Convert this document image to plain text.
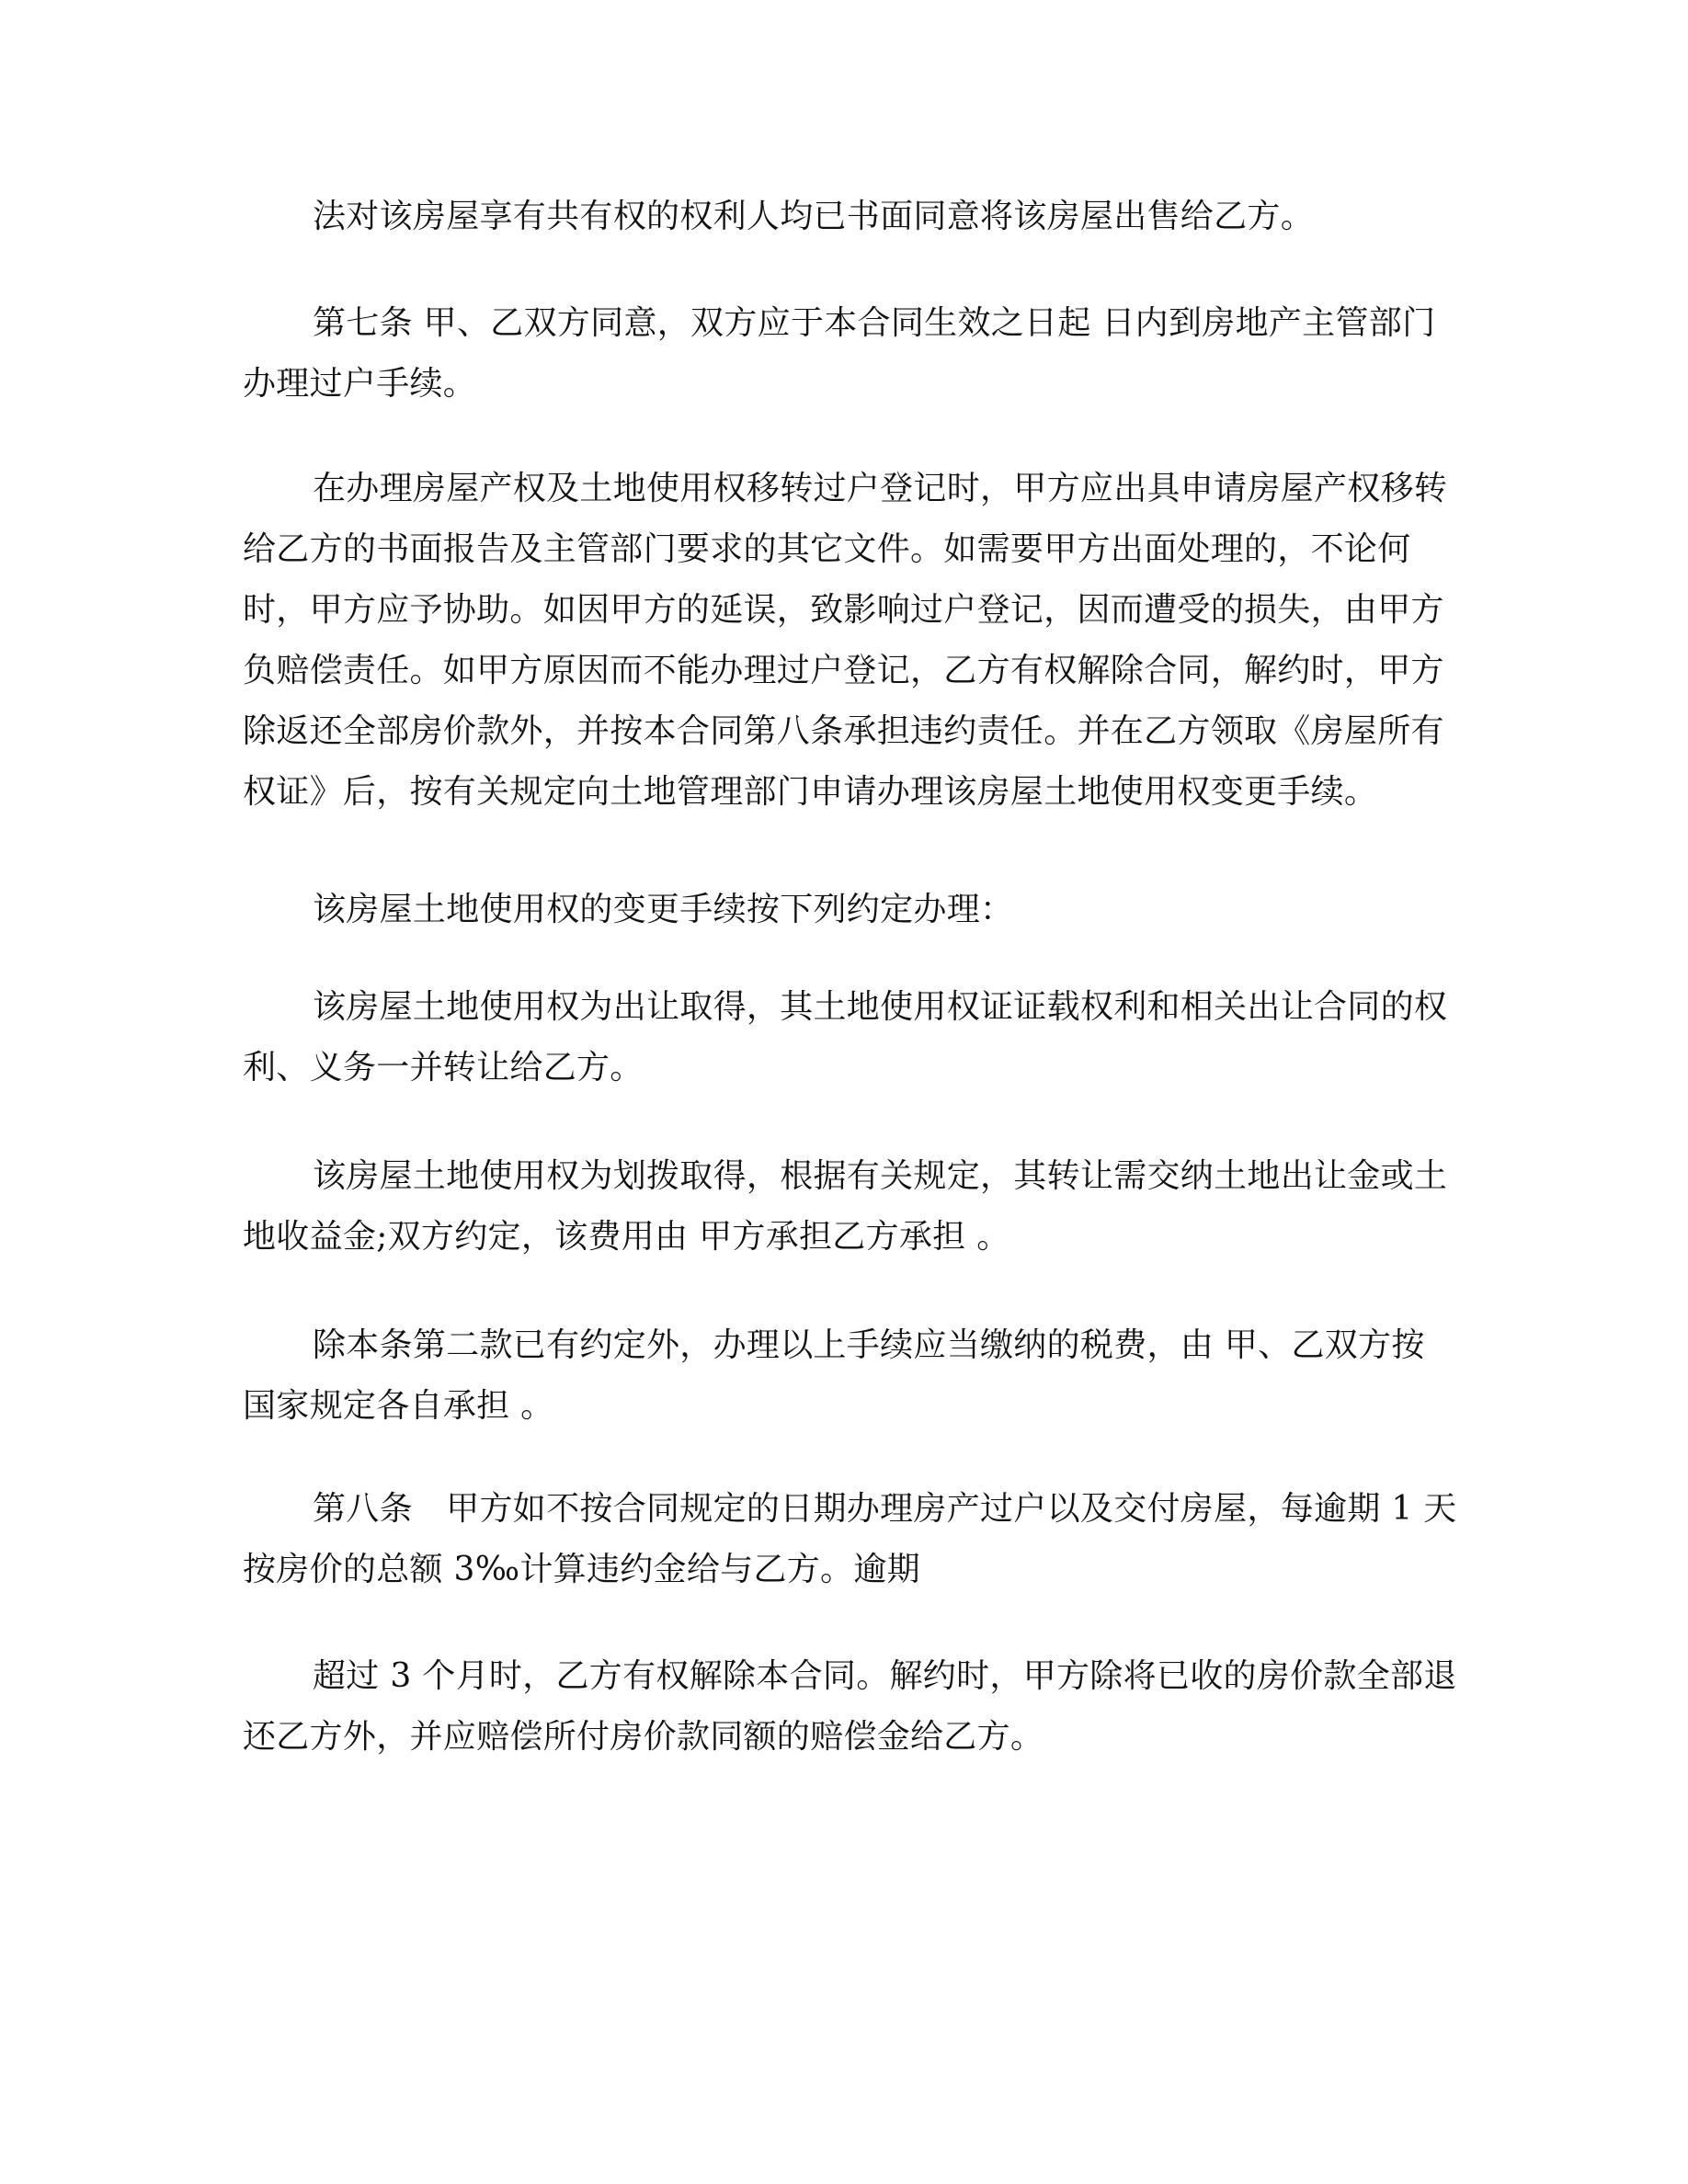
法对该房屋享有共有权的权利人均已书面同意将该房屋出售给乙方。
第七条 甲、乙双方同意，双方应于本合同生效之日起 日内到房地产主管部门
办理过户手续。
在办理房屋产权及土地使用权移转过户登记时，甲方应出具申请房屋产权移转
给乙方的书面报告及主管部门要求的其它文件。如需要甲方出面处理的，不论何
时，甲方应予协助。如因甲方的延误，致影响过户登记，因而遭受的损失，由甲方
负赔偿责任。如甲方原因而不能办理过户登记，乙方有权解除合同，解约时，甲方
除返还全部房价款外，并按本合同第八条承担违约责任。并在乙方领取《房屋所有
权证》后，按有关规定向土地管理部门申请办理该房屋土地使用权变更手续。
该房屋土地使用权的变更手续按下列约定办理：
该房屋土地使用权为出让取得，其土地使用权证证载权利和相关出让合同的权
利、义务一并转让给乙方。
该房屋土地使用权为划拨取得，根据有关规定，其转让需交纳土地出让金或土
地收益金;双方约定，该费用由 甲方承担乙方承担 。
除本条第二款已有约定外，办理以上手续应当缴纳的税费，由 甲、乙双方按
国家规定各自承担 。
第八条　甲方如不按合同规定的日期办理房产过户以及交付房屋，每逾期 1 天
按房价的总额 3‰计算违约金给与乙方。逾期
超过 3 个月时，乙方有权解除本合同。解约时，甲方除将已收的房价款全部退
还乙方外，并应赔偿所付房价款同额的赔偿金给乙方。
